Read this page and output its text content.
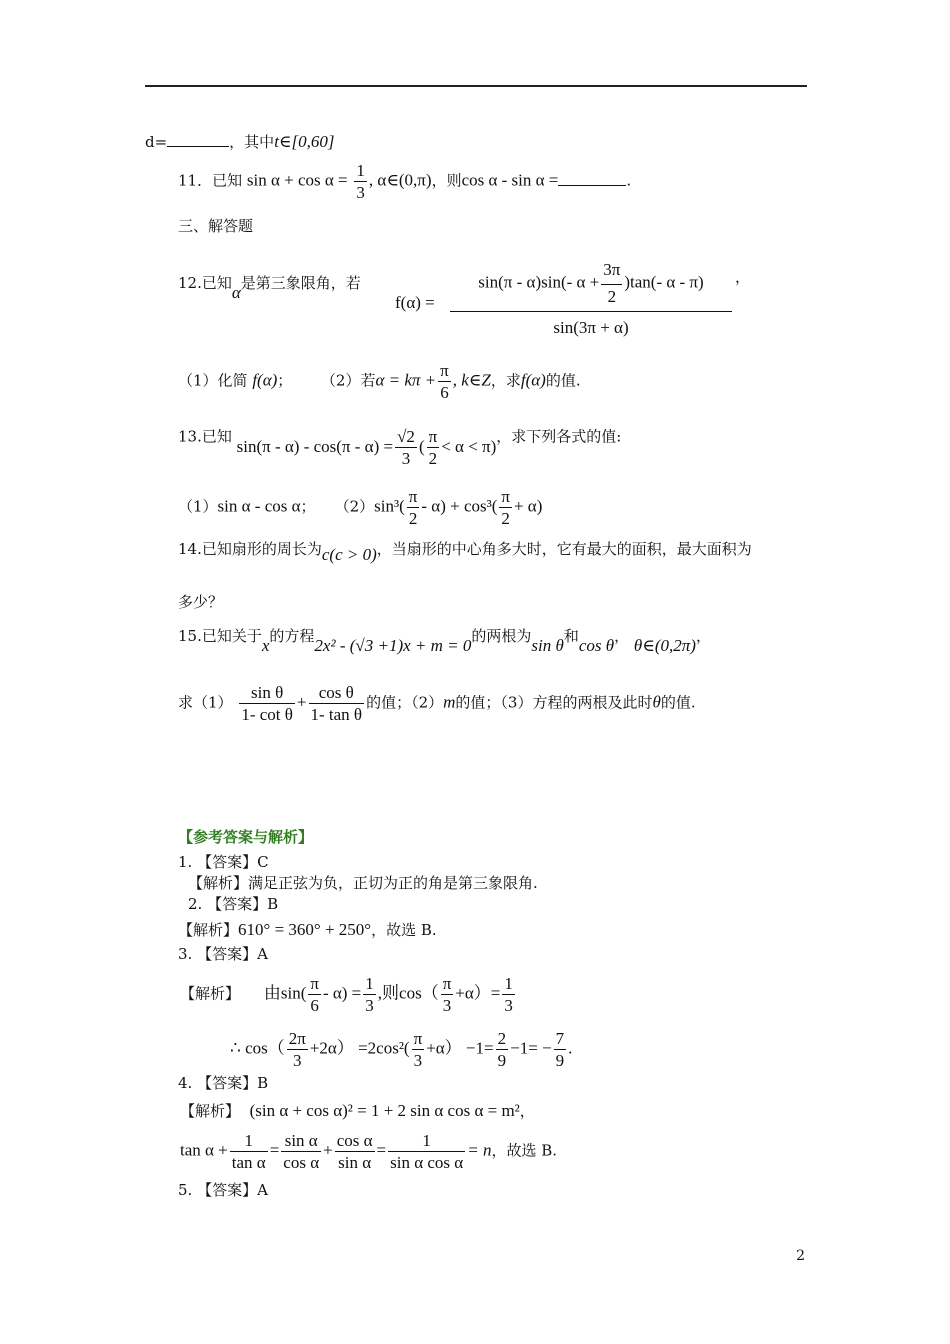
d=	，其中t∈[0,60]
11．已知 $\sin \alpha + \cos \alpha = \frac{1}{3}$ , α∈(0,π)，则cos α - sin α =	.
三、解答题
12.已知α是第三象限角，若
$f(\alpha) = \frac{\sin(\pi - \alpha)\sin(- \alpha + \frac{3\pi}{2} )\tan(- \alpha - \pi)}{\sin(3\pi + \alpha)}$ ，
（1）化简 f(α)； （2）若$\alpha = k\pi + \frac{\pi}{6}$ , k∈Z，求f(α)的值.
13.已知 $\sin(\pi - \alpha) - \cos(\pi - \alpha) = \frac{√2}{3}$ ( $\frac{\pi}{2} < \alpha < \pi$)，求下列各式的值:
（1）sin α - cos α； $(2)\sin^3( \frac{\pi}{2} - \alpha) + \cos^3( \frac{\pi}{2} + \alpha)$
14.已知扇形的周长为c(c > 0)，当扇形的中心角多大时，它有最大的面积，最大面积为
多少？
15.已知关于x的方程2x² - (√3 +1)x + m = 0的两根为sin θ和cos θ， θ∈(0,2π)，
求$(1) \frac{\text{sin θ}}{\text{1- cot θ}} + \frac{\text{cos θ}}{\text{1- tan θ}}$ 的值；（2）m的值；（3）方程的两根及此时θ的值.
【参考答案与解析】
1. 【答案】C
【解析】满足正弦为负，正切为正的角是第三象限角.
2. 【答案】B
【解析】610° = 360° + 250°，故选 B.
3. 【答案】A
【解析】 由$\sin( \frac{\pi}{6} - \alpha) = \frac{1}{3}$ ,则$\cos( \frac{\pi}{3} +\alpha)= \frac{1}{3}$
∴ $\cos( \frac{2\pi}{3} +2\alpha) =2\cos^2( \frac{\pi}{3} +\alpha) -1= \frac{2}{9} -1= - \frac{7}{9}$ .
4. 【答案】B
【解析】 (sin α + cos α)² = 1 + 2 sin α cos α = m²，
$\tan \alpha + \frac{1}{\text{tan α}} = \frac{\text{sin α}}{\text{cos α}} + \frac{\text{cos α}}{\text{sin α}} = \frac{1}{\text{sin α cos α}} = n$，故选 B.
5. 【答案】A
2
